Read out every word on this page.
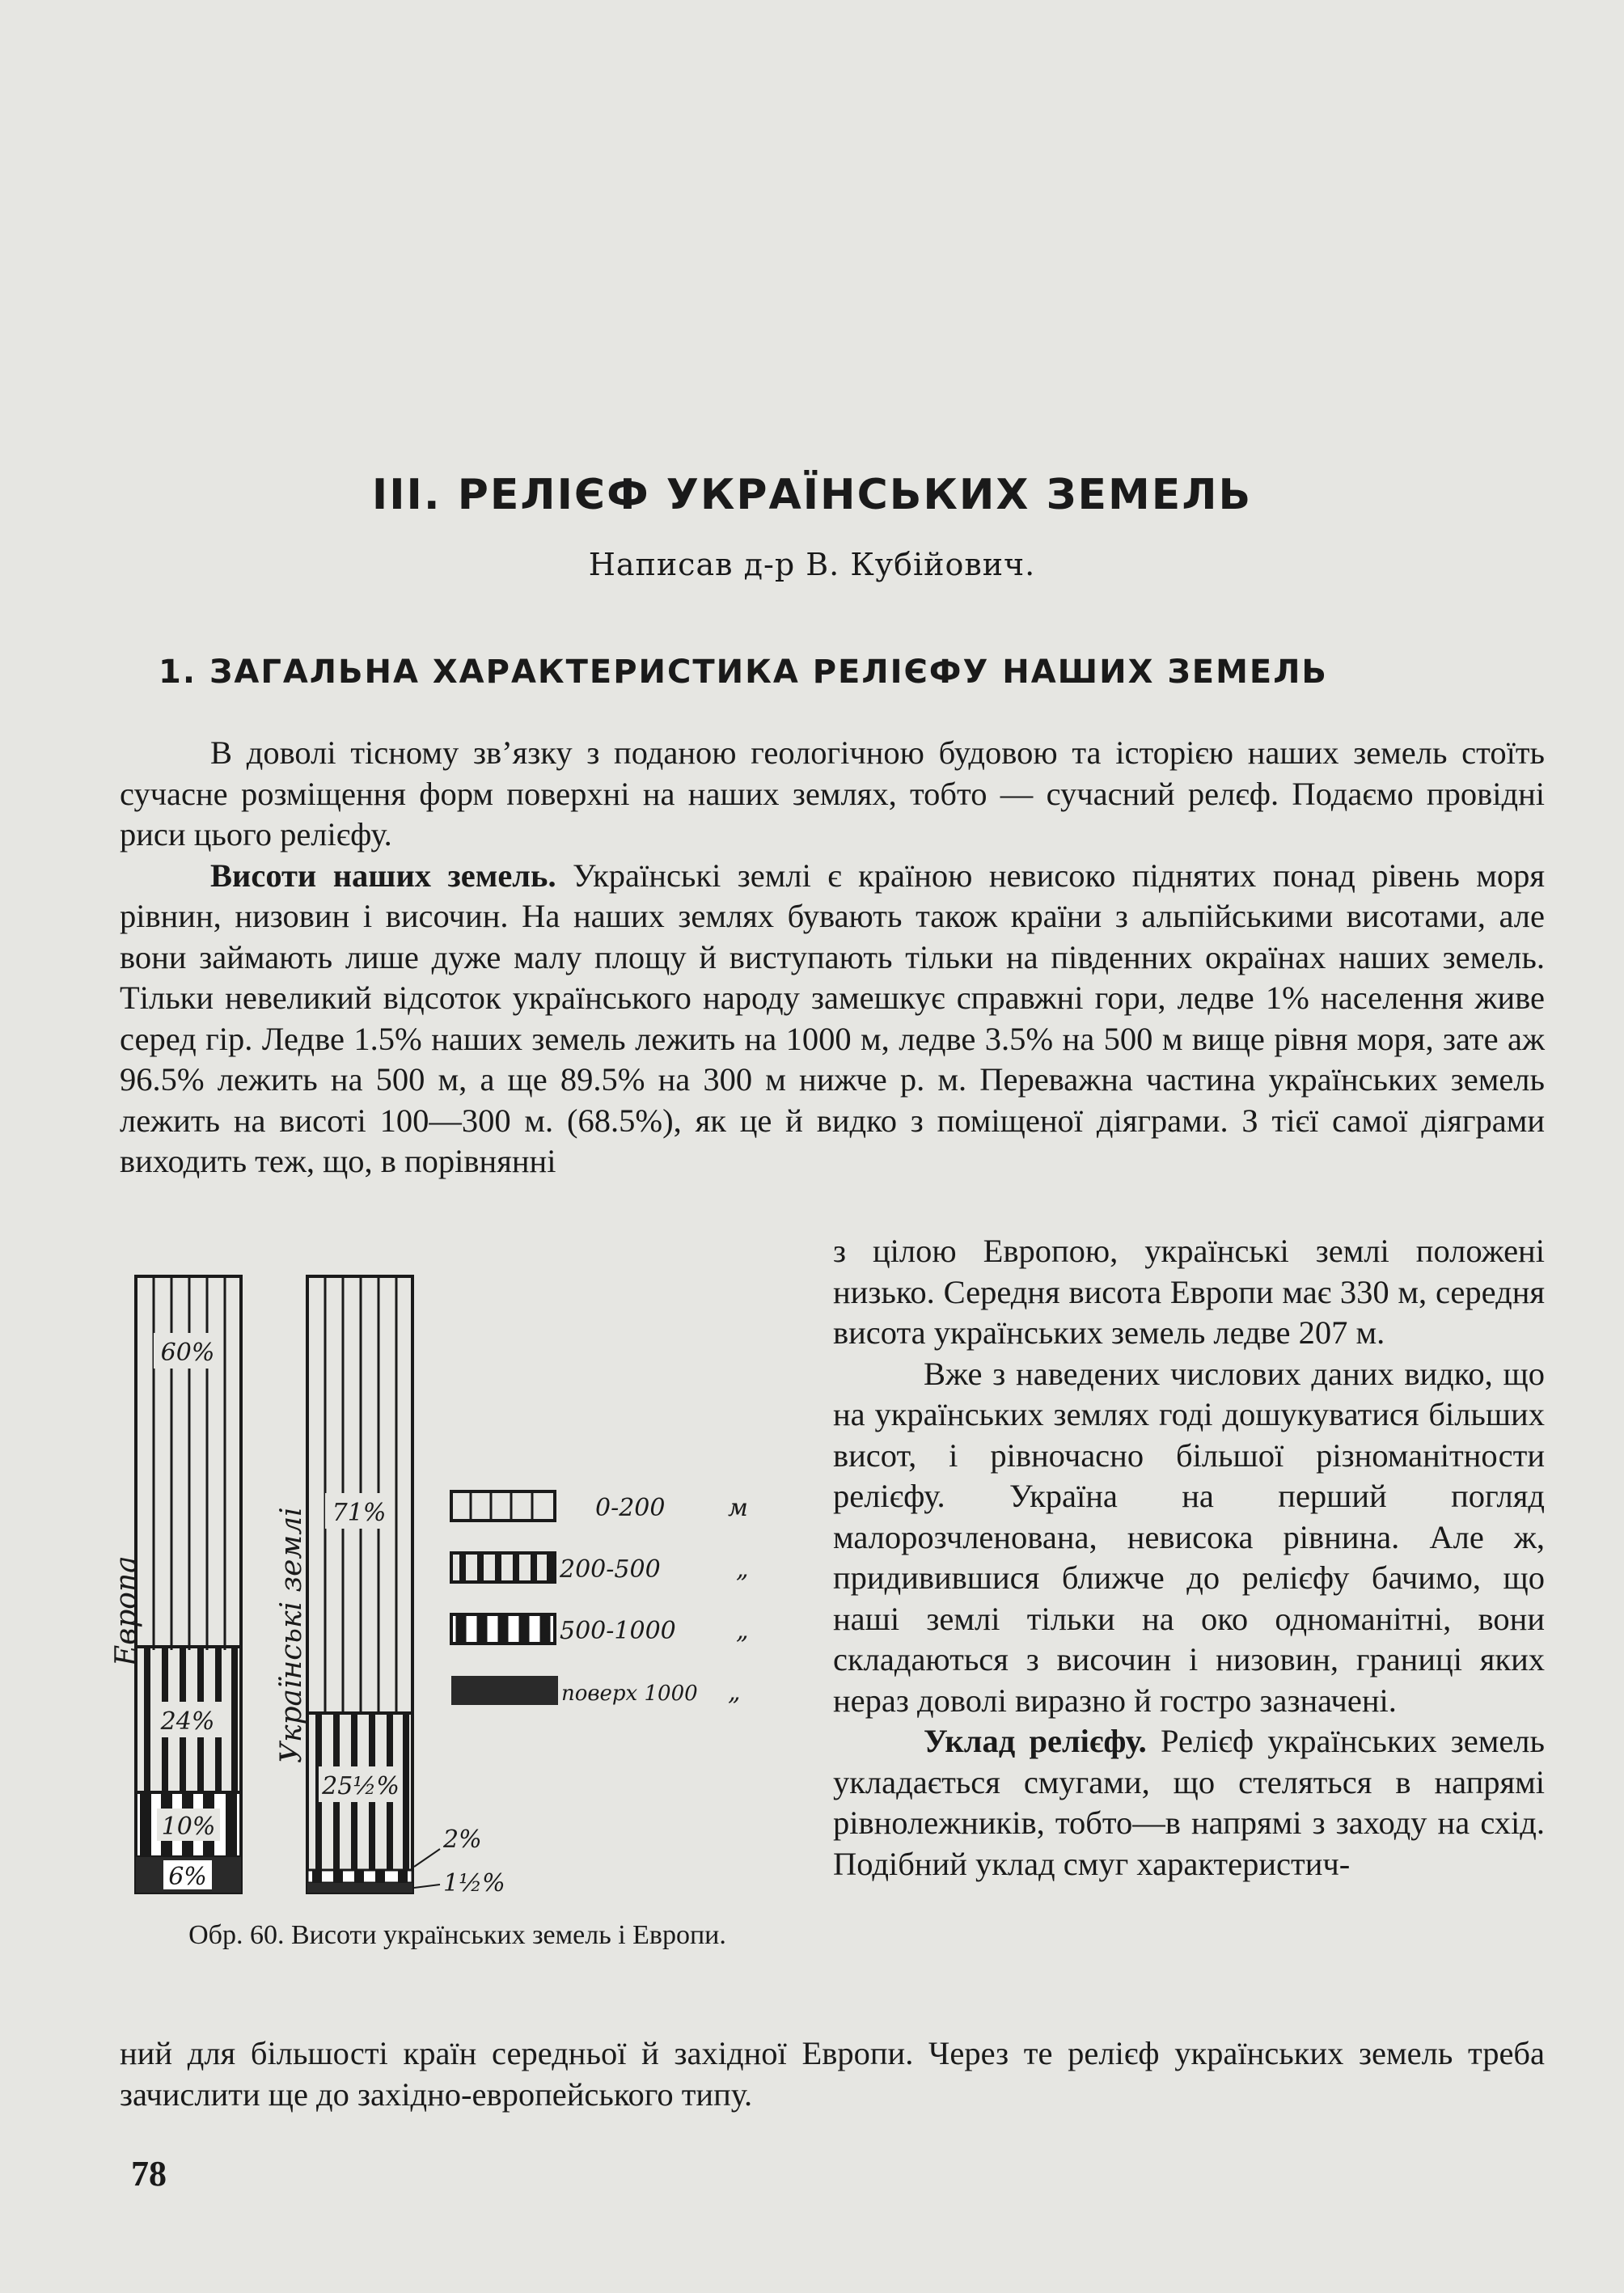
III. РЕЛІЄФ УКРАЇНСЬКИХ ЗЕМЕЛЬ
Написав д-р В. Кубійович.
1. ЗАГАЛЬНА ХАРАКТЕРИСТИКА РЕЛІЄФУ НАШИХ ЗЕМЕЛЬ

В доволі тісному зв’язку з поданою геологічною будовою та історією наших земель стоїть сучасне розміщення форм поверхні на наших землях, тобто — сучасний релєф. Подаємо провідні риси цього релієфу.

Висоти наших земель. Українські землі є країною невисоко піднятих понад рівень моря рівнин, низовин і височин. На наших землях бувають також країни з альпійськими висотами, але вони займають лише дуже малу площу й виступають тільки на південних окраїнах наших земель. Тільки невеликий відсоток українського народу замешкує справжні гори, ледве 1% населення живе серед гір. Ледве 1.5% наших земель лежить на 1000 м, ледве 3.5% на 500 м вище рівня моря, зате аж 96.5% лежить на 500 м, а ще 89.5% на 300 м нижче р. м. Переважна частина українських земель лежить на висоті 100—300 м. (68.5%), як це й видко з поміщеної діяграми. З тієї самої діяграми виходить теж, що, в порівнянні

з цілою Европою, українські землі положені низько. Середня висота Европи має 330 м, середня висота українських земель ледве 207 м.

Вже з наведених числових даних видко, що на українських землях годі дошукуватися більших висот, і рівночасно більшої різноманітности релієфу. Україна на перший погляд малорозчленована, невисока рівнина. Але ж, придивившися ближче до релієфу бачимо, що наші землі тільки на око одноманітні, вони складаються з височин і низовин, границі яких нераз доволі виразно й гостро зазначені.

Уклад релієфу. Релієф українських земель укладається смугами, що стеляться в напрямі рівнолежників, тобто—в напрямі з заходу на схід. Подібний уклад смуг характеристич-

60%
24%
10%
6%
Европа
71%
25½%
2%
1½%
Українські землі	0-200	м
200-500	„
500-1000 „
поверх 1000 „
Обр. 60. Висоти українських земель і Европи.

ний для більшості країн середньої й західної Европи. Через те релієф українських земель треба зачислити ще до західно-европейського типу.

78
